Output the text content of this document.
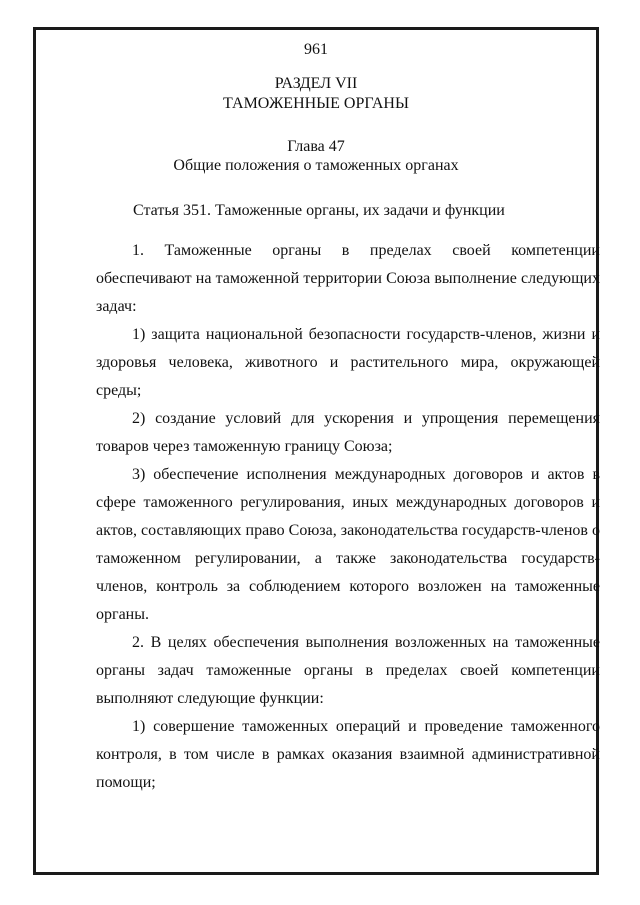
961
РАЗДЕЛ VII
ТАМОЖЕННЫЕ ОРГАНЫ
Глава 47
Общие положения о таможенных органах
Статья 351. Таможенные органы, их задачи и функции

1. Таможенные органы в пределах своей компетенции обеспечивают на таможенной территории Союза выполнение следующих задач:

1) защита национальной безопасности государств-членов, жизни и здоровья человека, животного и растительного мира, окружающей среды;

2) создание условий для ускорения и упрощения перемещения товаров через таможенную границу Союза;

3) обеспечение исполнения международных договоров и актов в сфере таможенного регулирования, иных международных договоров и актов, составляющих право Союза, законодательства государств-членов о таможенном регулировании, а также законодательства государств-членов, контроль за соблюдением которого возложен на таможенные органы.

2. В целях обеспечения выполнения возложенных на таможенные органы задач таможенные органы в пределах своей компетенции выполняют следующие функции:

1) совершение таможенных операций и проведение таможенного контроля, в том числе в рамках оказания взаимной административной помощи;
